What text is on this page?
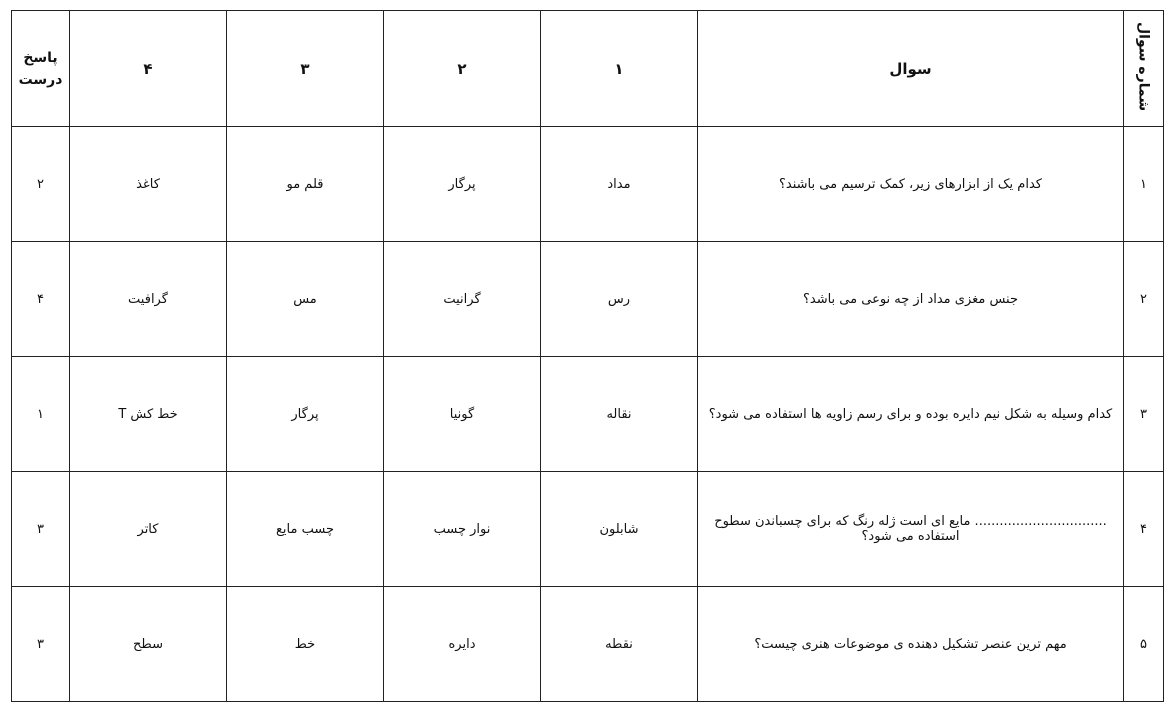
شماره سوال	سوال	۱	۲	۳	۴	پاسخ درست
۱	کدام یک از ابزارهای زیر، کمک ترسیم می باشند؟	مداد	پرگار	قلم مو	کاغذ	۲
۲	جنس مغزی مداد از چه نوعی می باشد؟	رس	گرانیت	مس	گرافیت	۴
۳	کدام وسیله به شکل نیم دایره بوده و برای رسم زاویه ها استفاده می شود؟	نقاله	گونیا	پرگار	خط کش T	۱
۴	................................ مایع ای است ژله رنگ که برای چسباندن سطوح استفاده می شود؟	شابلون	نوار چسب	چسب مایع	کاتر	۳
۵	مهم ترین عنصر تشکیل دهنده ی موضوعات هنری چیست؟	نقطه	دایره	خط	سطح	۳
